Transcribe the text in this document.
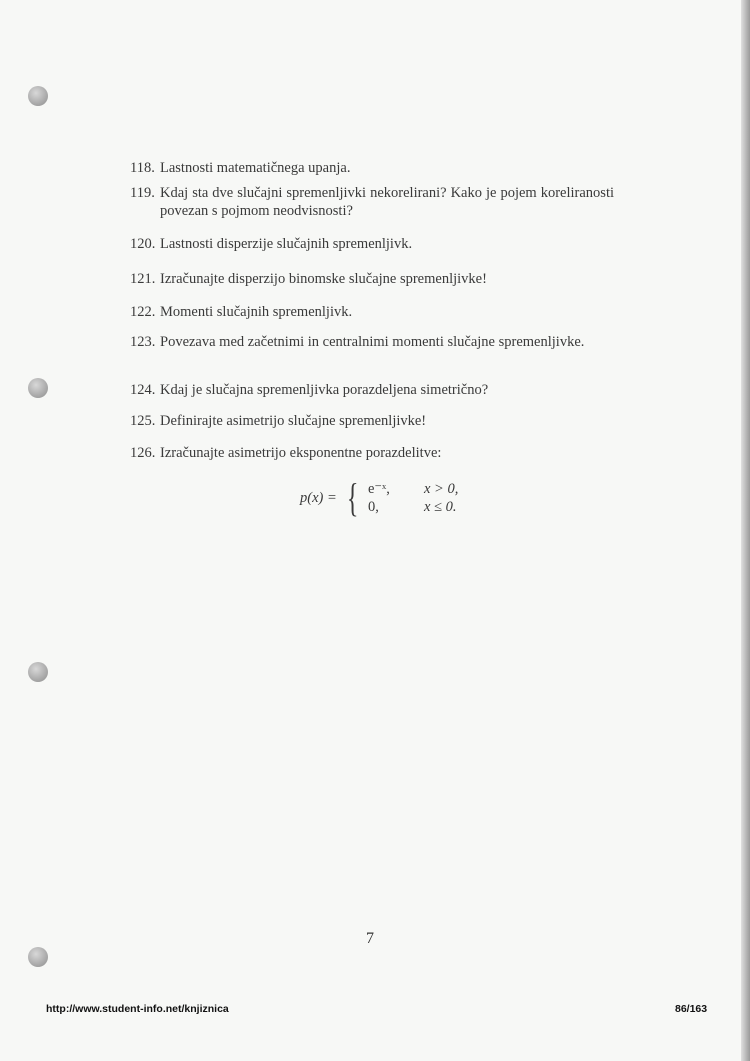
118. Lastnosti matematičnega upanja.
119. Kdaj sta dve slučajni spremenljivki nekorelirani? Kako je pojem koreliranosti povezan s pojmom neodvisnosti?
120. Lastnosti disperzije slučajnih spremenljivk.
121. Izračunajte disperzijo binomske slučajne spremenljivke!
122. Momenti slučajnih spremenljivk.
123. Povezava med začetnimi in centralnimi momenti slučajne spremenljivke.
124. Kdaj je slučajna spremenljivka porazdeljena simetrično?
125. Definirajte asimetrijo slučajne spremenljivke!
126. Izračunajte asimetrijo eksponentne porazdelitve:
p(x) = { e⁻ˣ,	x > 0,
0,	x ≤ 0.
7
http://www.student-info.net/knjiznica	86/163
